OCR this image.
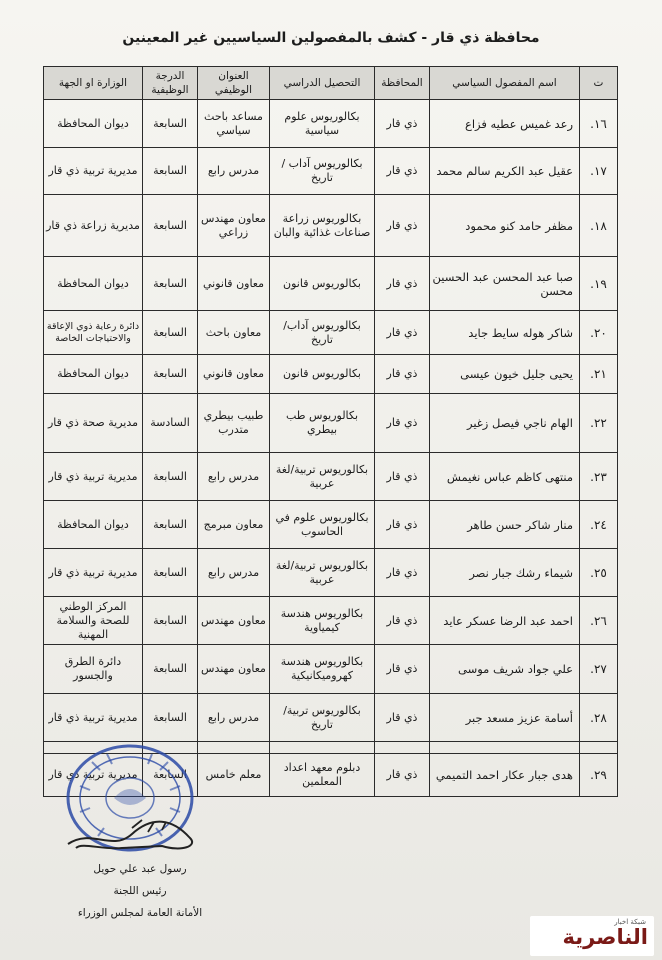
محافظة ذي قار - كشف بالمفصولين السياسيين غير المعينين
ت	اسم المفصول السياسي	المحافظة	التحصيل الدراسي	العنوان الوظيفي	الدرجة الوظيفية	الوزارة او الجهة
١٦.	رعد غميس عطيه فزاع	ذي قار	بكالوريوس علوم سياسية	مساعد باحث سياسي	السابعة	ديوان المحافظة
١٧.	عقيل عبد الكريم سالم محمد	ذي قار	بكالوريوس آداب / تاريخ	مدرس رابع	السابعة	مديرية تربية ذي قار
١٨.	مظفر حامد كنو محمود	ذي قار	بكالوريوس زراعة صناعات غذائية والبان	معاون مهندس زراعي	السابعة	مديرية زراعة ذي قار
١٩.	صبا عبد المحسن عبد الحسين محسن	ذي قار	بكالوريوس قانون	معاون قانوني	السابعة	ديوان المحافظة
٢٠.	شاكر هوله سايط جايد	ذي قار	بكالوريوس آداب/ تاريخ	معاون باحث	السابعة	دائرة رعاية ذوي الإعاقة والاحتياجات الخاصة
٢١.	يحيى جليل خيون عيسى	ذي قار	بكالوريوس قانون	معاون قانوني	السابعة	ديوان المحافظة
٢٢.	الهام ناجي فيصل زغير	ذي قار	بكالوريوس طب بيطري	طبيب بيطري متدرب	السادسة	مديرية صحة ذي قار
٢٣.	منتهى كاظم عباس نغيمش	ذي قار	بكالوريوس تربية/لغة عربية	مدرس رابع	السابعة	مديرية تربية ذي قار
٢٤.	منار شاكر حسن طاهر	ذي قار	بكالوريوس علوم في الحاسوب	معاون مبرمج	السابعة	ديوان المحافظة
٢٥.	شيماء رشك جبار نصر	ذي قار	بكالوريوس تربية/لغة عربية	مدرس رابع	السابعة	مديرية تربية ذي قار
٢٦.	احمد عبد الرضا عسكر عايد	ذي قار	بكالوريوس هندسة كيمياوية	معاون مهندس	السابعة	المركز الوطني للصحة والسلامة المهنية
٢٧.	علي جواد شريف موسى	ذي قار	بكالوريوس هندسة كهروميكانيكية	معاون مهندس	السابعة	دائرة الطرق والجسور
٢٨.	أسامة عزيز مسعد جبر	ذي قار	بكالوريوس تربية/ تاريخ	مدرس رابع	السابعة	مديرية تربية ذي قار

٢٩.	هدى جبار عكار احمد التميمي	ذي قار	دبلوم معهد اعداد المعلمين	معلم خامس	السابعة	مديرية تربية ذي قار
رسول عبد علي حويل
رئيس اللجنة
الأمانة العامة لمجلس الوزراء
شبكة اخبار
الناصرية
